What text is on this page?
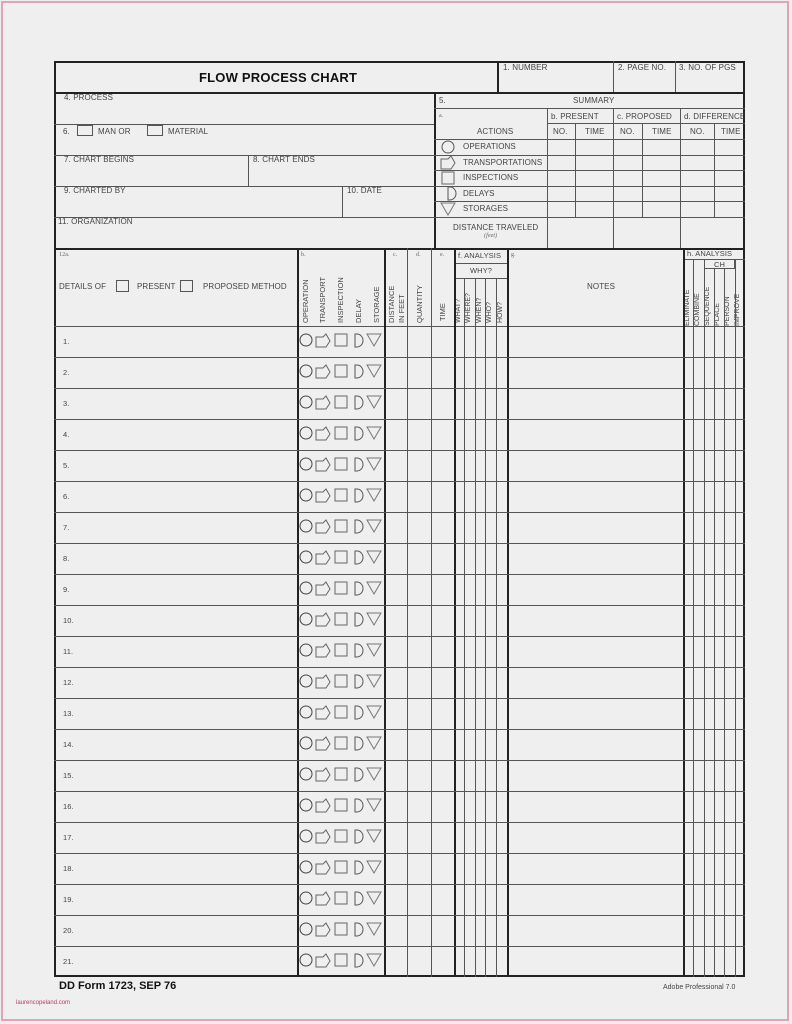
FLOW PROCESS CHART
1. NUMBER	2. PAGE NO. 3. NO. OF PGS
4. PROCESS
6.	MAN OR	MATERIAL
7. CHART BEGINS	8. CHART ENDS
9. CHARTED BY	10. DATE
11. ORGANIZATION
5.	SUMMARY
a.
ACTIONS
b. PRESENT c. PROPOSED d. DIFFERENCE
NO. TIME NO. TIME NO. TIME
OPERATIONS
TRANSPORTATIONS
INSPECTIONS
DELAYS
STORAGES
DISTANCE TRAVELED
(feet)
12a.
DETAILS OF	PRESENT	PROPOSED METHOD
b.
OPERATION TRANSPORT INSPECTION DELAY STORAGE
c.
DISTANCE IN FEET
d.
QUANTITY
e.
TIME
f. ANALYSIS
WHY?
WHAT? WHERE? WHEN? WHO? HOW?
g.
NOTES
h. ANALYSIS
CH
ELIMINATE COMBINE SEQUENCE PLACE PERSON IMPROVE
1.
2.
3.
4.
5.
6.
7.
8.
9.
10.
11.
12.
13.
14.
15.
16.
17.
18.
19.
20.
21.
DD Form 1723, SEP 76	Adobe Professional 7.0
laurencopeland.com
